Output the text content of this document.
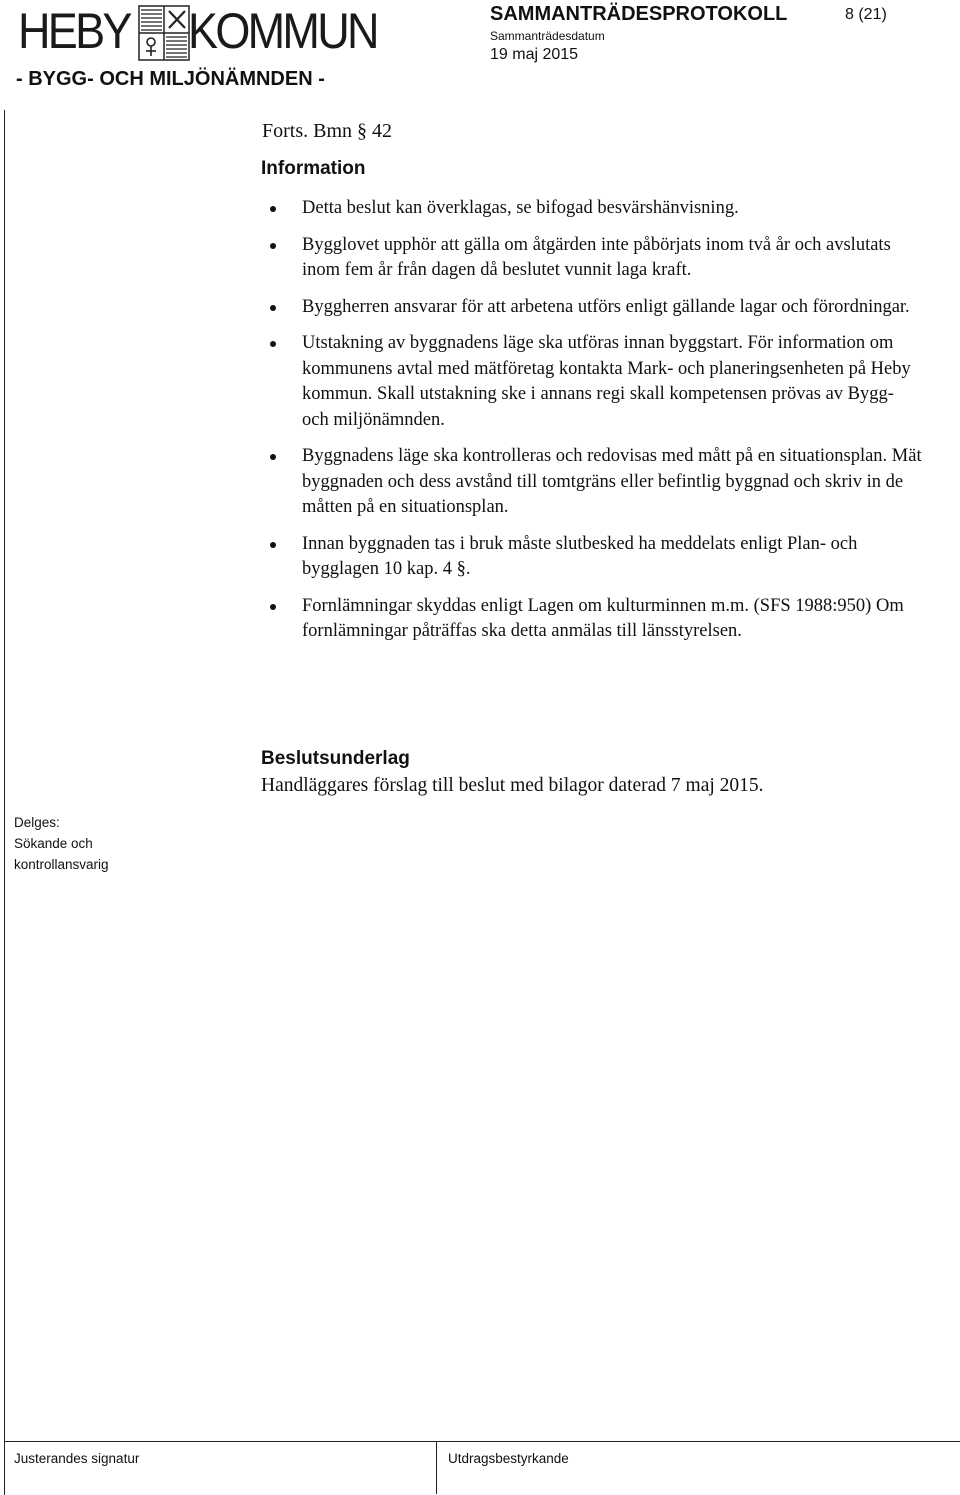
HEBY KOMMUN
- BYGG- OCH MILJÖNÄMNDEN -
SAMMANTRÄDESPROTOKOLL	8 (21)
Sammanträdesdatum
19 maj 2015
Forts. Bmn § 42
Information
Detta beslut kan överklagas, se bifogad besvärshänvisning.
Bygglovet upphör att gälla om åtgärden inte påbörjats inom två år och avslutats inom fem år från dagen då beslutet vunnit laga kraft.
Byggherren ansvarar för att arbetena utförs enligt gällande lagar och förordningar.
Utstakning av byggnadens läge ska utföras innan byggstart. För information om kommunens avtal med mätföretag kontakta Mark- och planeringsenheten på Heby kommun. Skall utstakning ske i annans regi skall kompetensen prövas av Bygg- och miljönämnden.
Byggnadens läge ska kontrolleras och redovisas med mått på en situationsplan. Mät byggnaden och dess avstånd till tomtgräns eller befintlig byggnad och skriv in de måtten på en situationsplan.
Innan byggnaden tas i bruk måste slutbesked ha meddelats enligt Plan- och bygglagen 10 kap. 4 §.
Fornlämningar skyddas enligt Lagen om kulturminnen m.m. (SFS 1988:950) Om fornlämningar påträffas ska detta anmälas till länsstyrelsen.
Beslutsunderlag
Handläggares förslag till beslut med bilagor daterad 7 maj 2015.
Delges:
Sökande och kontrollansvarig
Justerandes signatur	Utdragsbestyrkande
